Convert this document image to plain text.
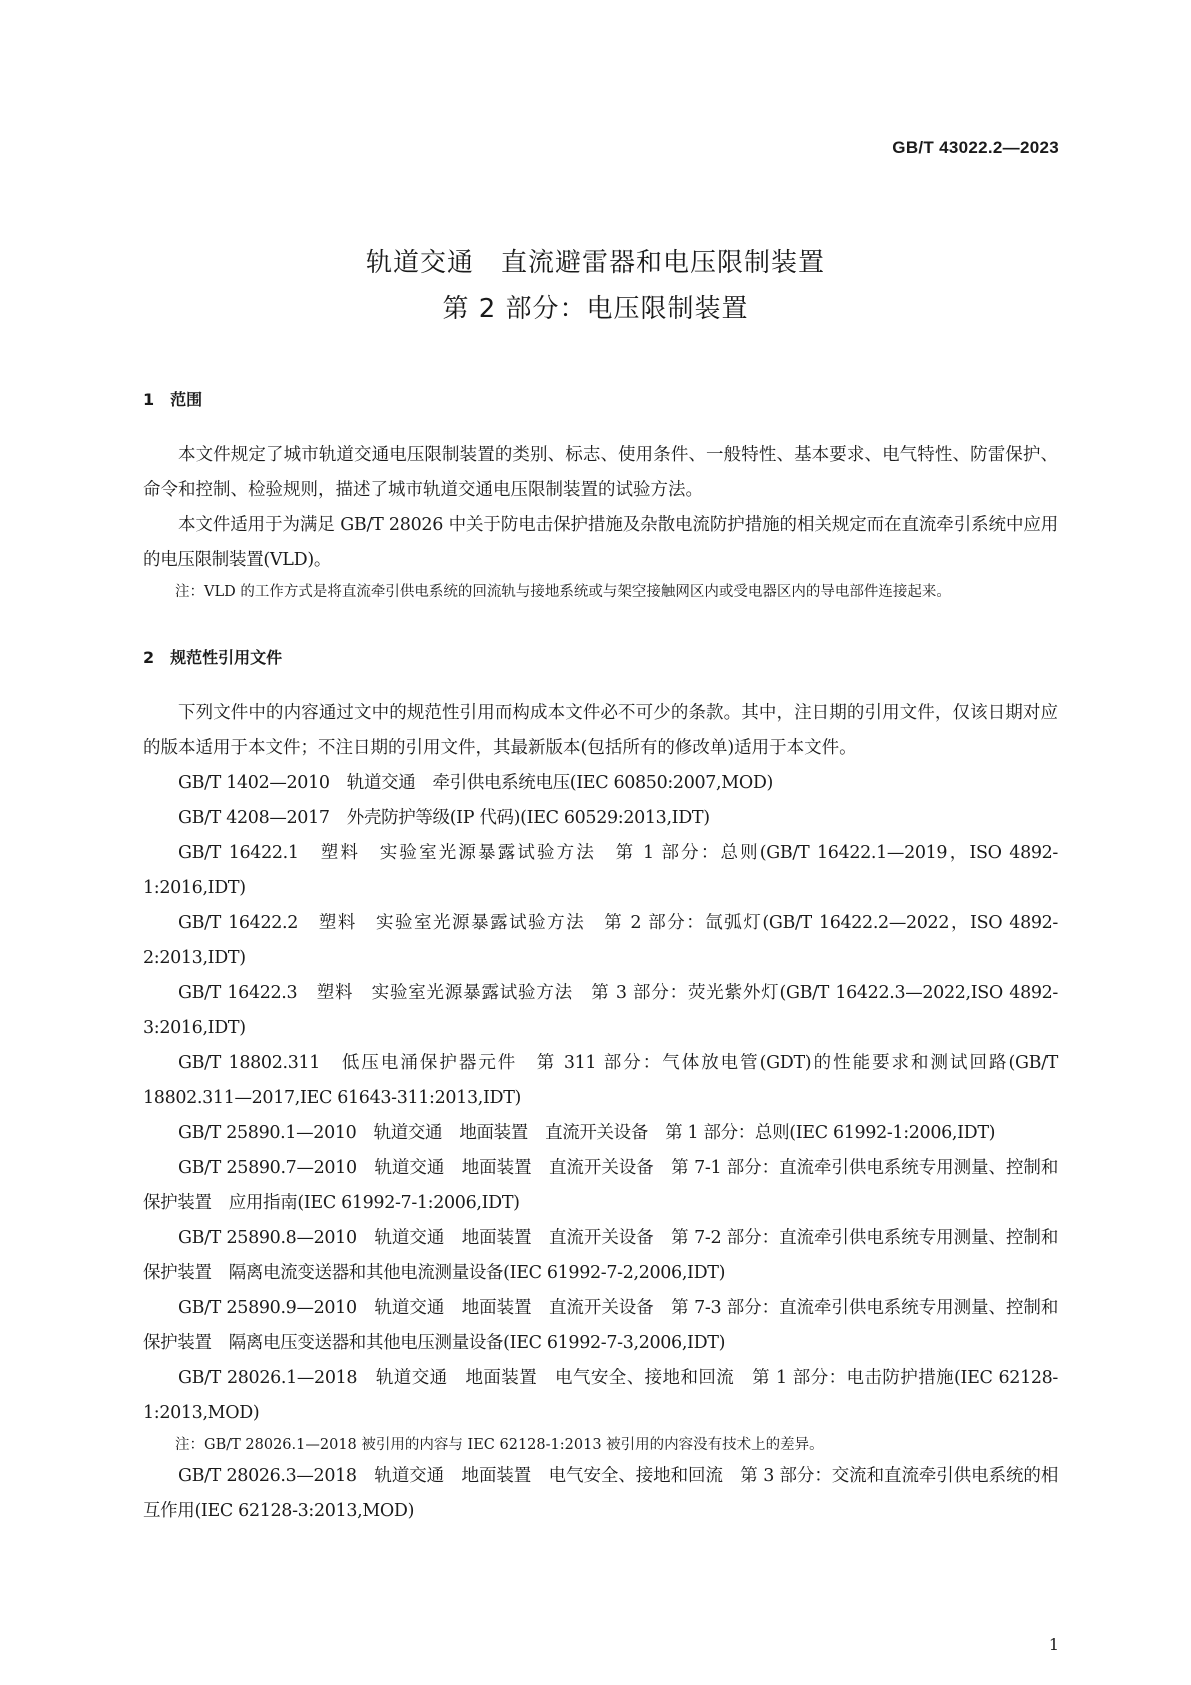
GB/T 43022.2—2023
轨道交通　直流避雷器和电压限制装置
第 2 部分：电压限制装置
1　范围

本文件规定了城市轨道交通电压限制装置的类别、标志、使用条件、一般特性、基本要求、电气特性、防雷保护、命令和控制、检验规则，描述了城市轨道交通电压限制装置的试验方法。

本文件适用于为满足 GB/T 28026 中关于防电击保护措施及杂散电流防护措施的相关规定而在直流牵引系统中应用的电压限制装置(VLD)。

注：VLD 的工作方式是将直流牵引供电系统的回流轨与接地系统或与架空接触网区内或受电器区内的导电部件连接起来。

2　规范性引用文件

下列文件中的内容通过文中的规范性引用而构成本文件必不可少的条款。其中，注日期的引用文件，仅该日期对应的版本适用于本文件；不注日期的引用文件，其最新版本(包括所有的修改单)适用于本文件。

GB/T 1402—2010　轨道交通　牵引供电系统电压(IEC 60850:2007,MOD)

GB/T 4208—2017　外壳防护等级(IP 代码)(IEC 60529:2013,IDT)

GB/T 16422.1　塑料　实验室光源暴露试验方法　第 1 部分：总则(GB/T 16422.1—2019，ISO 4892-1:2016,IDT)

GB/T 16422.2　塑料　实验室光源暴露试验方法　第 2 部分：氙弧灯(GB/T 16422.2—2022，ISO 4892-2:2013,IDT)

GB/T 16422.3　塑料　实验室光源暴露试验方法　第 3 部分：荧光紫外灯(GB/T 16422.3—2022,ISO 4892-3:2016,IDT)

GB/T 18802.311　低压电涌保护器元件　第 311 部分：气体放电管(GDT)的性能要求和测试回路(GB/T 18802.311—2017,IEC 61643-311:2013,IDT)

GB/T 25890.1—2010　轨道交通　地面装置　直流开关设备　第 1 部分：总则(IEC 61992-1:2006,IDT)

GB/T 25890.7—2010　轨道交通　地面装置　直流开关设备　第 7-1 部分：直流牵引供电系统专用测量、控制和保护装置　应用指南(IEC 61992-7-1:2006,IDT)

GB/T 25890.8—2010　轨道交通　地面装置　直流开关设备　第 7-2 部分：直流牵引供电系统专用测量、控制和保护装置　隔离电流变送器和其他电流测量设备(IEC 61992-7-2,2006,IDT)

GB/T 25890.9—2010　轨道交通　地面装置　直流开关设备　第 7-3 部分：直流牵引供电系统专用测量、控制和保护装置　隔离电压变送器和其他电压测量设备(IEC 61992-7-3,2006,IDT)

GB/T 28026.1—2018　轨道交通　地面装置　电气安全、接地和回流　第 1 部分：电击防护措施(IEC 62128-1:2013,MOD)

注：GB/T 28026.1—2018 被引用的内容与 IEC 62128-1:2013 被引用的内容没有技术上的差异。

GB/T 28026.3—2018　轨道交通　地面装置　电气安全、接地和回流　第 3 部分：交流和直流牵引供电系统的相互作用(IEC 62128-3:2013,MOD)

1
